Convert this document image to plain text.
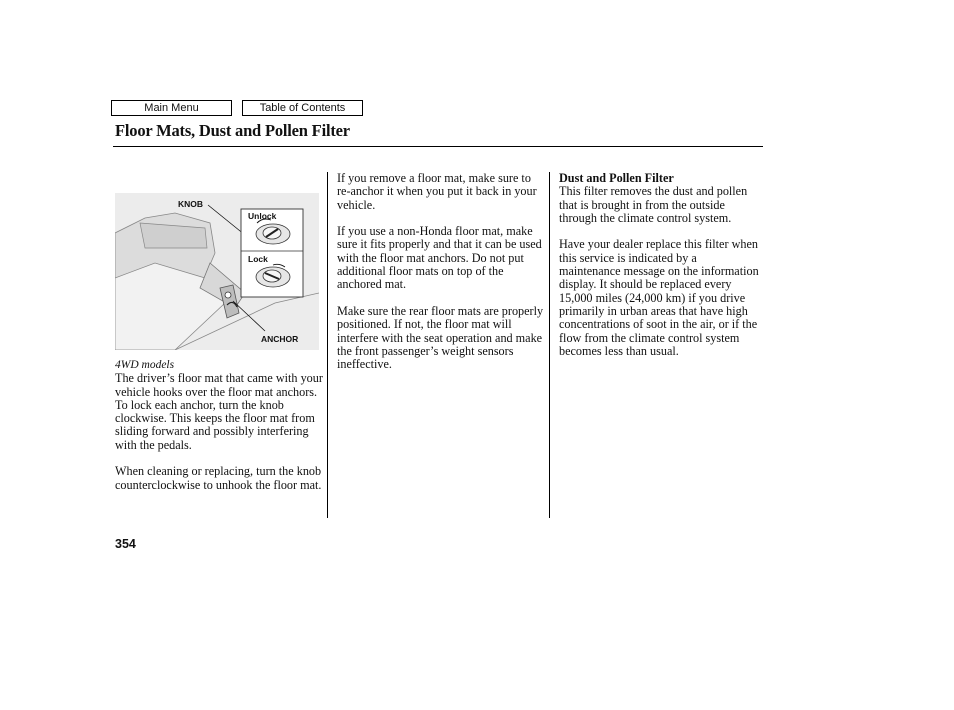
Main Menu	Table of Contents
Floor Mats, Dust and Pollen Filter
KNOB
Unlock
Lock
ANCHOR
4WD models

The driver’s floor mat that came with your vehicle hooks over the floor mat anchors. To lock each anchor, turn the knob clockwise. This keeps the floor mat from sliding forward and possibly interfering with the pedals.

When cleaning or replacing, turn the knob counterclockwise to unhook the floor mat.

If you remove a floor mat, make sure to re-anchor it when you put it back in your vehicle.

If you use a non-Honda floor mat, make sure it fits properly and that it can be used with the floor mat anchors. Do not put additional floor mats on top of the anchored mat.

Make sure the rear floor mats are properly positioned. If not, the floor mat will interfere with the seat operation and make the front passenger’s weight sensors ineffective.

Dust and Pollen Filter

This filter removes the dust and pollen that is brought in from the outside through the climate control system.

Have your dealer replace this filter when this service is indicated by a maintenance message on the information display. It should be replaced every 15,000 miles (24,000 km) if you drive primarily in urban areas that have high concentrations of soot in the air, or if the flow from the climate control system becomes less than usual.

354
